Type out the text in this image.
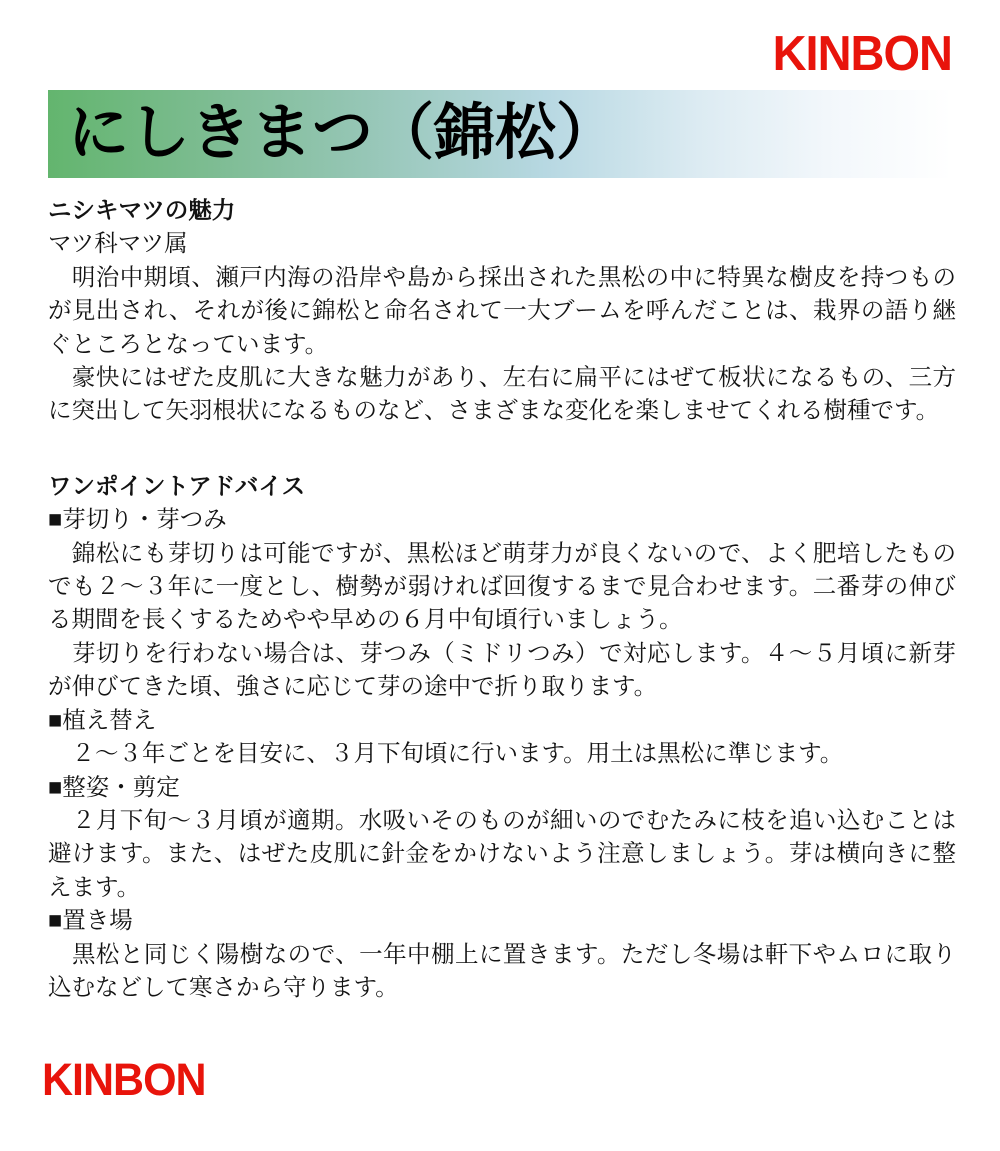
KINBON
にしきまつ（錦松）
ニシキマツの魅力
マツ科マツ属

　明治中期頃、瀬戸内海の沿岸や島から採出された黒松の中に特異な樹皮を持つものが見出され、それが後に錦松と命名されて一大ブームを呼んだことは、栽界の語り継ぐところとなっています。

　豪快にはぜた皮肌に大きな魅力があり、左右に扁平にはぜて板状になるもの、三方に突出して矢羽根状になるものなど、さまざまな変化を楽しませてくれる樹種です。

ワンポイントアドバイス
■芽切り・芽つみ

　錦松にも芽切りは可能ですが、黒松ほど萌芽力が良くないので、よく肥培したものでも２～３年に一度とし、樹勢が弱ければ回復するまで見合わせます。二番芽の伸びる期間を長くするためやや早めの６月中旬頃行いましょう。

　芽切りを行わない場合は、芽つみ（ミドリつみ）で対応します。４～５月頃に新芽が伸びてきた頃、強さに応じて芽の途中で折り取ります。

■植え替え

　２～３年ごとを目安に、３月下旬頃に行います。用土は黒松に準じます。

■整姿・剪定

　２月下旬～３月頃が適期。水吸いそのものが細いのでむたみに枝を追い込むことは避けます。また、はぜた皮肌に針金をかけないよう注意しましょう。芽は横向きに整えます。

■置き場

　黒松と同じく陽樹なので、一年中棚上に置きます。ただし冬場は軒下やムロに取り込むなどして寒さから守ります。

KINBON
